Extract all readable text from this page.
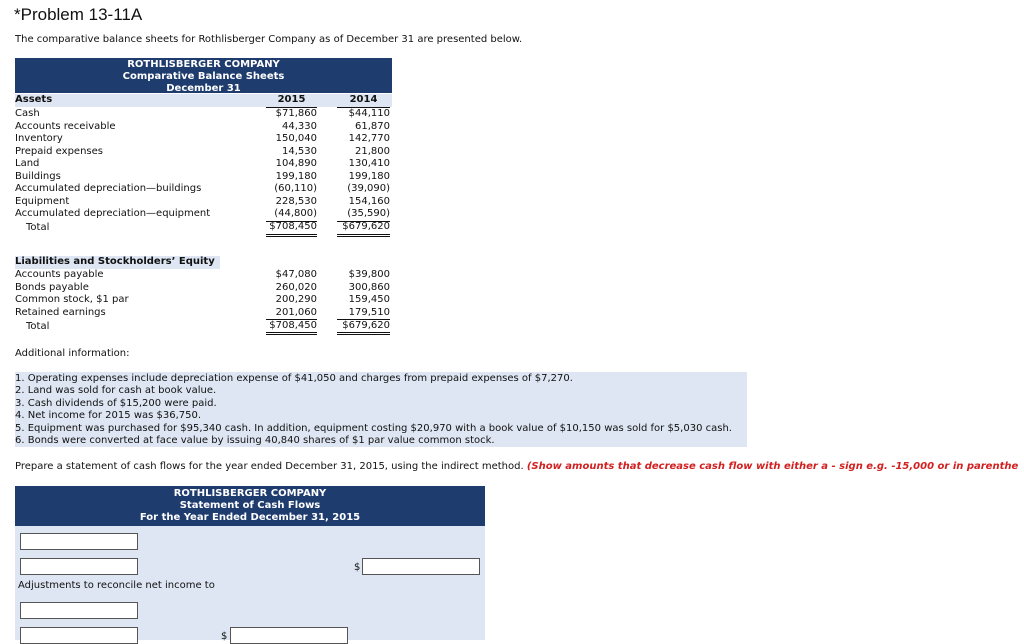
*Problem 13-11A
The comparative balance sheets for Rothlisberger Company as of December 31 are presented below.
ROTHLISBERGER COMPANY
Comparative Balance Sheets
December 31
Assets	2015	2014
Cash	$71,860	$44,110
Accounts receivable	44,330	61,870
Inventory	150,040	142,770
Prepaid expenses	14,530	21,800
Land	104,890	130,410
Buildings	199,180	199,180
Accumulated depreciation—buildings	(60,110)	(39,090)
Equipment	228,530	154,160
Accumulated depreciation—equipment	(44,800)	(35,590)
Total	$708,450	$679,620
Liabilities and Stockholders’ Equity
Accounts payable	$47,080	$39,800
Bonds payable	260,020	300,860
Common stock, $1 par	200,290	159,450
Retained earnings	201,060	179,510
Total	$708,450	$679,620
Additional information:
1. Operating expenses include depreciation expense of $41,050 and charges from prepaid expenses of $7,270.
2. Land was sold for cash at book value.
3. Cash dividends of $15,200 were paid.
4. Net income for 2015 was $36,750.
5. Equipment was purchased for $95,340 cash. In addition, equipment costing $20,970 with a book value of $10,150 was sold for $5,030 cash.
6. Bonds were converted at face value by issuing 40,840 shares of $1 par value common stock.
Prepare a statement of cash flows for the year ended December 31, 2015, using the indirect method. (Show amounts that decrease cash flow with either a - sign e.g. -15,000 or in parenthe
ROTHLISBERGER COMPANY
Statement of Cash Flows
For the Year Ended December 31, 2015
$
Adjustments to reconcile net income to
$
